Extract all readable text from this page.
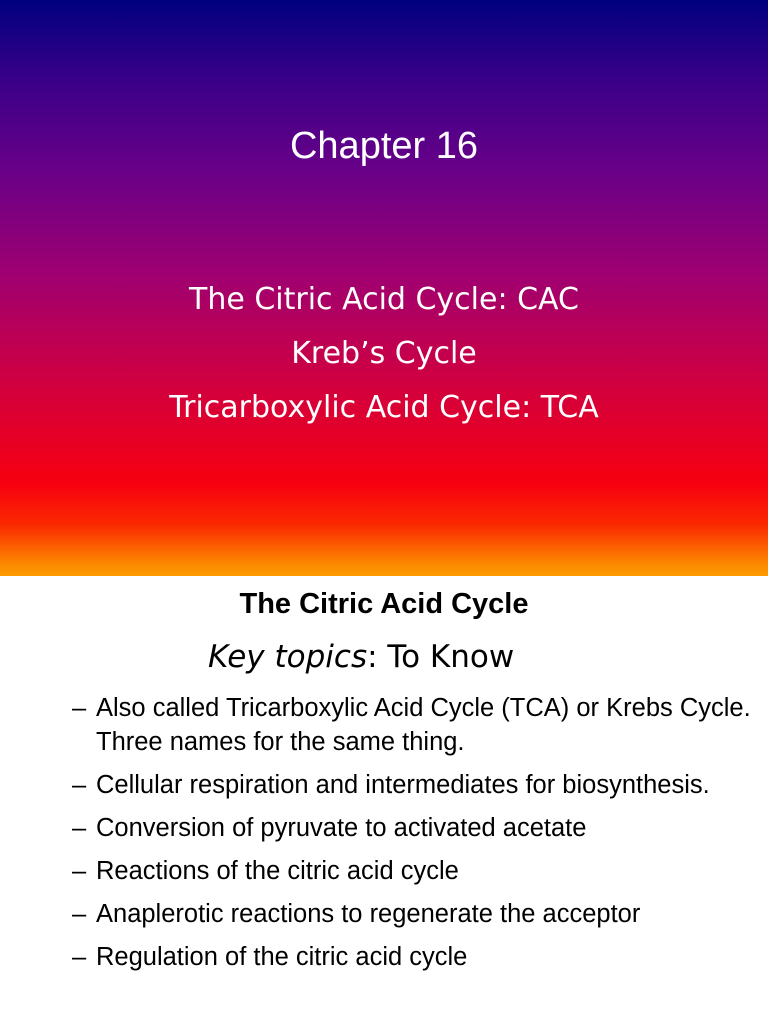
Chapter 16
The Citric Acid Cycle: CAC
Kreb’s Cycle
Tricarboxylic Acid Cycle: TCA
The Citric Acid Cycle
Key topics: To Know
– Also called Tricarboxylic Acid Cycle (TCA) or Krebs Cycle. Three names for the same thing.
– Cellular respiration and intermediates for biosynthesis.
– Conversion of pyruvate to activated acetate
– Reactions of the citric acid cycle
– Anaplerotic reactions to regenerate the acceptor
– Regulation of the citric acid cycle
